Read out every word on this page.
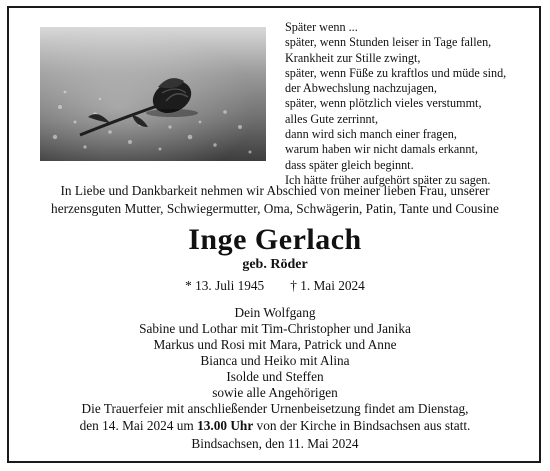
Später wenn ...
später, wenn Stunden leiser in Tage fallen,
Krankheit zur Stille zwingt,
später, wenn Füße zu kraftlos und müde sind,
der Abwechslung nachzujagen,
später, wenn plötzlich vieles verstummt,
alles Gute zerrinnt,
dann wird sich manch einer fragen,
warum haben wir nicht damals erkannt,
dass später gleich beginnt.
Ich hätte früher aufgehört später zu sagen.
In Liebe und Dankbarkeit nehmen wir Abschied von meiner lieben Frau, unserer
herzensguten Mutter, Schwiegermutter, Oma, Schwägerin, Patin, Tante und Cousine
Inge Gerlach
geb. Röder
* 13. Juli 1945 † 1. Mai 2024
Dein Wolfgang
Sabine und Lothar mit Tim-Christopher und Janika
Markus und Rosi mit Mara, Patrick und Anne
Bianca und Heiko mit Alina
Isolde und Steffen
sowie alle Angehörigen
Die Trauerfeier mit anschließender Urnenbeisetzung findet am Dienstag,
den 14. Mai 2024 um 13.00 Uhr von der Kirche in Bindsachsen aus statt.
Bindsachsen, den 11. Mai 2024
